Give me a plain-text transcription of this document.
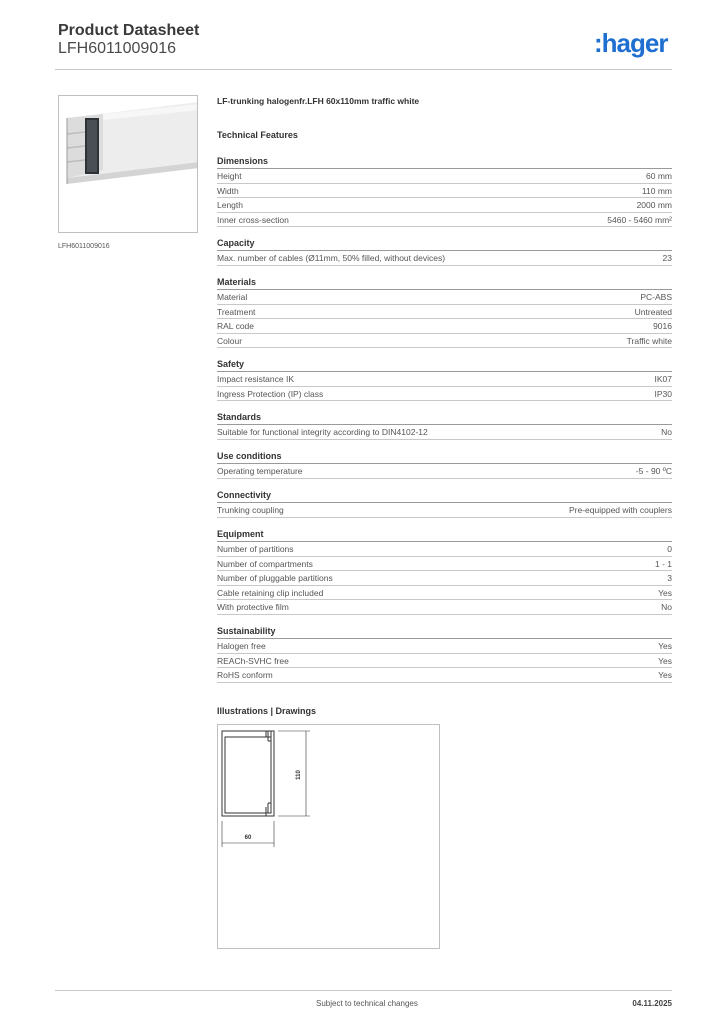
Product Datasheet
LFH6011009016	:hager
LFH6011009016
LF-trunking halogenfr.LFH 60x110mm traffic white
Technical Features
Dimensions
Height	60 mm
Width	110 mm
Length	2000 mm
Inner cross-section	5460 - 5460 mm²
Capacity
Max. number of cables (Ø11mm, 50% filled, without devices)	23
Materials
Material	PC-ABS
Treatment	Untreated
RAL code	9016
Colour	Traffic white
Safety
Impact resistance IK	IK07
Ingress Protection (IP) class	IP30
Standards
Suitable for functional integrity according to DIN4102-12	No
Use conditions
Operating temperature	-5 - 90 ºC
Connectivity
Trunking coupling	Pre-equipped with couplers
Equipment
Number of partitions	0
Number of compartments	1 - 1
Number of pluggable partitions	3
Cable retaining clip included	Yes
With protective film	No
Sustainability
Halogen free	Yes
REACh-SVHC free	Yes
RoHS conform	Yes
Illustrations | Drawings
60
110
Subject to technical changes	04.11.2025
